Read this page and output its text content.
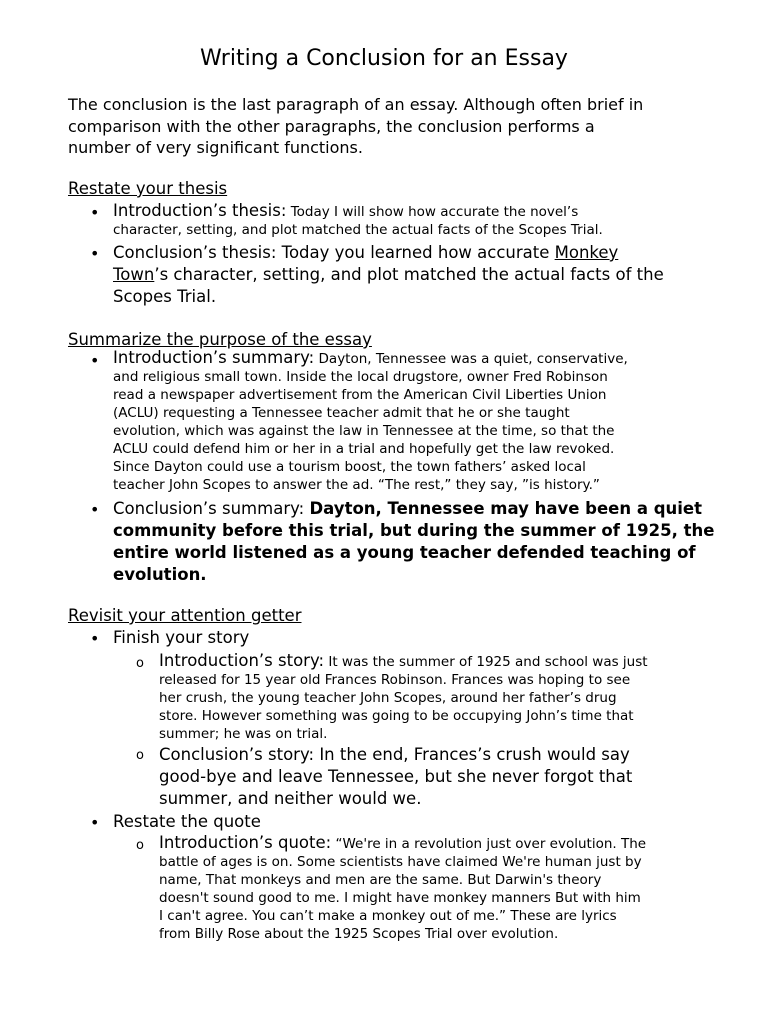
Writing a Conclusion for an Essay
The conclusion is the last paragraph of an essay. Although often brief in
comparison with the other paragraphs, the conclusion performs a
number of very significant functions.
Restate your thesis
• Introduction’s thesis: Today I will show how accurate the novel’s
character, setting, and plot matched the actual facts of the Scopes Trial.
• Conclusion’s thesis: Today you learned how accurate Monkey
Town’s character, setting, and plot matched the actual facts of the
Scopes Trial.
Summarize the purpose of the essay
• Introduction’s summary: Dayton, Tennessee was a quiet, conservative,
and religious small town. Inside the local drugstore, owner Fred Robinson
read a newspaper advertisement from the American Civil Liberties Union
(ACLU) requesting a Tennessee teacher admit that he or she taught
evolution, which was against the law in Tennessee at the time, so that the
ACLU could defend him or her in a trial and hopefully get the law revoked.
Since Dayton could use a tourism boost, the town fathers’ asked local
teacher John Scopes to answer the ad. “The rest,” they say, ”is history.”
• Conclusion’s summary: Dayton, Tennessee may have been a quiet
community before this trial, but during the summer of 1925, the
entire world listened as a young teacher defended teaching of
evolution.
Revisit your attention getter
• Finish your story
o Introduction’s story: It was the summer of 1925 and school was just
released for 15 year old Frances Robinson. Frances was hoping to see
her crush, the young teacher John Scopes, around her father’s drug
store. However something was going to be occupying John’s time that
summer; he was on trial.
o Conclusion’s story: In the end, Frances’s crush would say
good-bye and leave Tennessee, but she never forgot that
summer, and neither would we.
• Restate the quote
o Introduction’s quote: “We're in a revolution just over evolution. The
battle of ages is on. Some scientists have claimed We're human just by
name, That monkeys and men are the same. But Darwin's theory
doesn't sound good to me. I might have monkey manners But with him
I can't agree. You can’t make a monkey out of me.” These are lyrics
from Billy Rose about the 1925 Scopes Trial over evolution.
